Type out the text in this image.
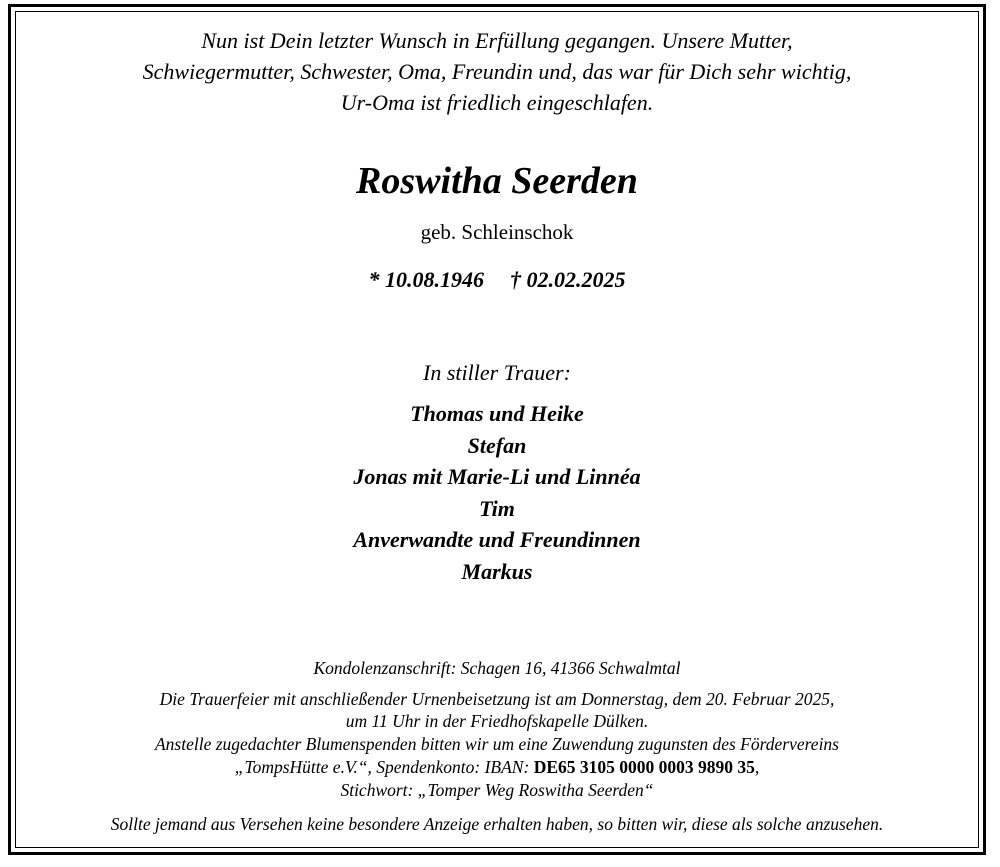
Nun ist Dein letzter Wunsch in Erfüllung gegangen. Unsere Mutter,
Schwiegermutter, Schwester, Oma, Freundin und, das war für Dich sehr wichtig,
Ur-Oma ist friedlich eingeschlafen.
Roswitha Seerden
geb. Schleinschok
* 10.08.1946 † 02.02.2025
In stiller Trauer:
Thomas und Heike
Stefan
Jonas mit Marie-Li und Linnéa
Tim
Anverwandte und Freundinnen
Markus
Kondolenzanschrift: Schagen 16, 41366 Schwalmtal
Die Trauerfeier mit anschließender Urnenbeisetzung ist am Donnerstag, dem 20. Februar 2025,
um 11 Uhr in der Friedhofskapelle Dülken.
Anstelle zugedachter Blumenspenden bitten wir um eine Zuwendung zugunsten des Fördervereins
„TompsHütte e.V.“, Spendenkonto: IBAN: DE65 3105 0000 0003 9890 35,
Stichwort: „Tomper Weg Roswitha Seerden“
Sollte jemand aus Versehen keine besondere Anzeige erhalten haben, so bitten wir, diese als solche anzusehen.
